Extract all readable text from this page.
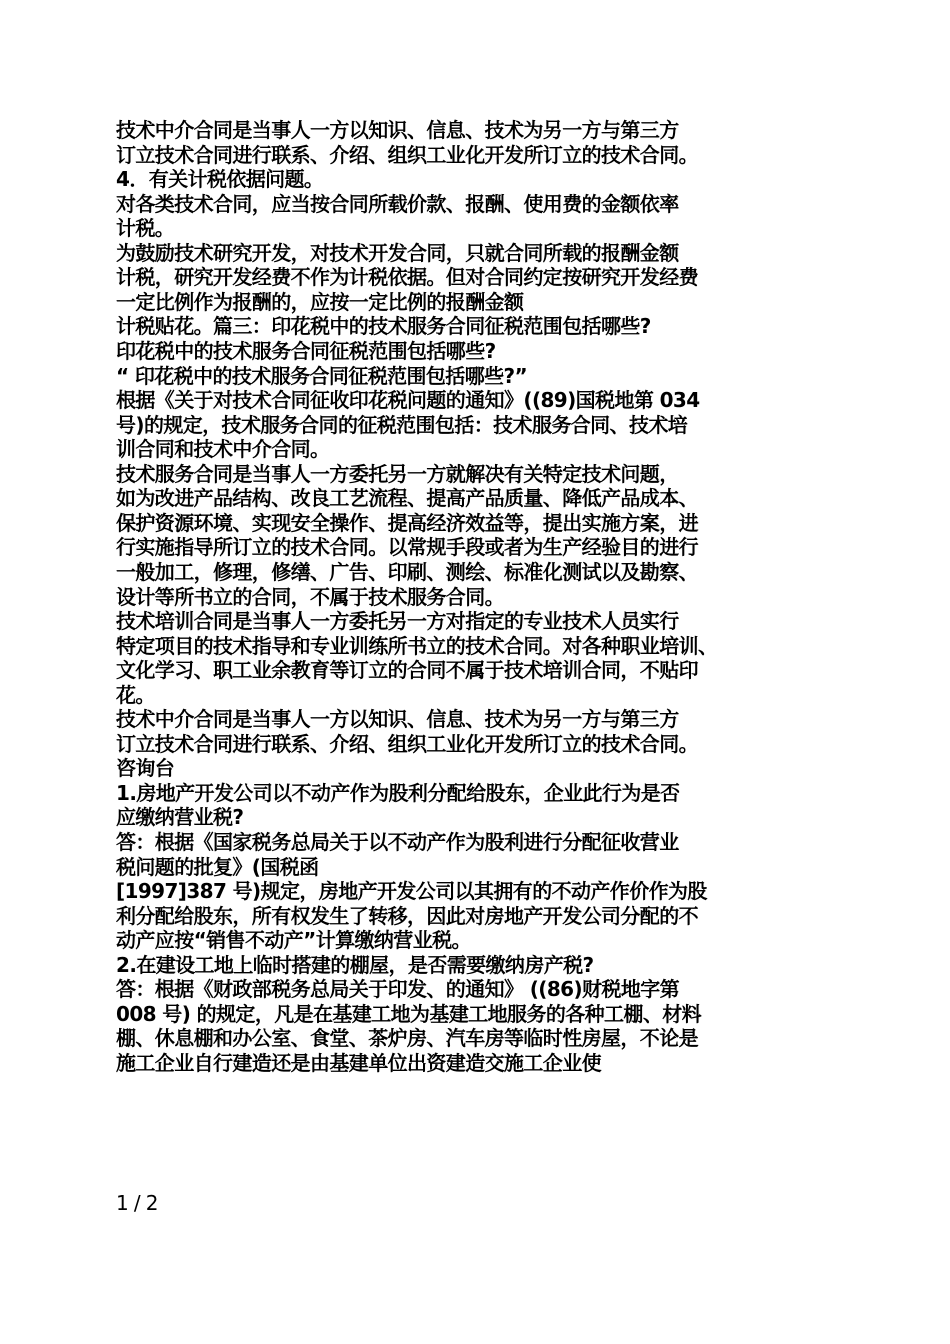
技术中介合同是当事人一方以知识、信息、技术为另一方与第三方
订立技术合同进行联系、介绍、组织工业化开发所订立的技术合同。
4．有关计税依据问题。
对各类技术合同，应当按合同所载价款、报酬、使用费的金额依率
计税。
为鼓励技术研究开发，对技术开发合同，只就合同所载的报酬金额
计税，研究开发经费不作为计税依据。但对合同约定按研究开发经费
一定比例作为报酬的，应按一定比例的报酬金额
计税贴花。篇三：印花税中的技术服务合同征税范围包括哪些?
印花税中的技术服务合同征税范围包括哪些?
“ 印花税中的技术服务合同征税范围包括哪些?”
根据《关于对技术合同征收印花税问题的通知》((89)国税地第 034
号)的规定，技术服务合同的征税范围包括：技术服务合同、技术培
训合同和技术中介合同。
技术服务合同是当事人一方委托另一方就解决有关特定技术问题，
如为改进产品结构、改良工艺流程、提高产品质量、降低产品成本、
保护资源环境、实现安全操作、提高经济效益等，提出实施方案，进
行实施指导所订立的技术合同。以常规手段或者为生产经验目的进行
一般加工，修理，修缮、广告、印刷、测绘、标准化测试以及勘察、
设计等所书立的合同，不属于技术服务合同。
技术培训合同是当事人一方委托另一方对指定的专业技术人员实行
特定项目的技术指导和专业训练所书立的技术合同。对各种职业培训、
文化学习、职工业余教育等订立的合同不属于技术培训合同，不贴印
花。
技术中介合同是当事人一方以知识、信息、技术为另一方与第三方
订立技术合同进行联系、介绍、组织工业化开发所订立的技术合同。
咨询台
1.房地产开发公司以不动产作为股利分配给股东，企业此行为是否
应缴纳营业税?
答：根据《国家税务总局关于以不动产作为股利进行分配征收营业
税问题的批复》(国税函
[1997]387 号)规定，房地产开发公司以其拥有的不动产作价作为股
利分配给股东，所有权发生了转移，因此对房地产开发公司分配的不
动产应按“销售不动产”计算缴纳营业税。
2.在建设工地上临时搭建的棚屋，是否需要缴纳房产税?
答：根据《财政部税务总局关于印发、的通知》 ((86)财税地字第
008 号) 的规定，凡是在基建工地为基建工地服务的各种工棚、材料
棚、休息棚和办公室、食堂、茶炉房、汽车房等临时性房屋，不论是
施工企业自行建造还是由基建单位出资建造交施工企业使
1 / 2
